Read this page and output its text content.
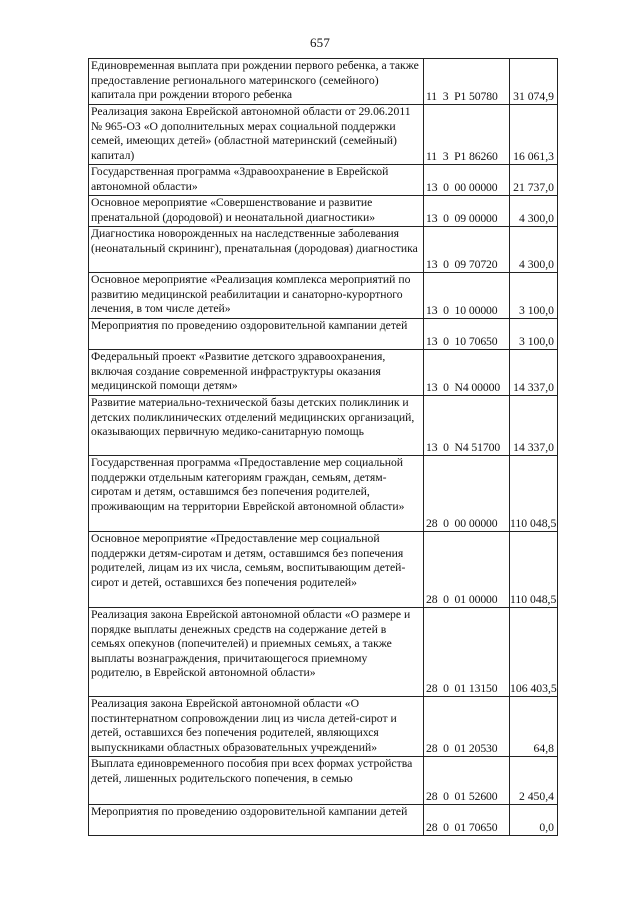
657
Единовременная выплата при рождении первого ребенка, а также предоставление регионального материнского (семейного) капитала при рождении второго ребенка	11  3  P1 50780	31 074,9
Реализация закона Еврейской автономной области от 29.06.2011 № 965-ОЗ «О дополнительных мерах социальной поддержки семей, имеющих детей» (областной материнский (семейный) капитал)	11  3  P1 86260	16 061,3
Государственная программа «Здравоохранение в Еврейской автономной области»	13  0  00 00000	21 737,0
Основное мероприятие «Совершенствование и развитие пренатальной (дородовой) и неонатальной диагностики»	13  0  09 00000	4 300,0
Диагностика новорожденных на наследственные заболевания (неонатальный скрининг), пренатальная (дородовая) диагностика	13  0  09 70720	4 300,0
Основное мероприятие «Реализация комплекса мероприятий по развитию медицинской реабилитации и санаторно-курортного лечения, в том числе детей»	13  0  10 00000	3 100,0
Мероприятия по проведению оздоровительной кампании детей	13  0  10 70650	3 100,0
Федеральный проект «Развитие детского здравоохранения, включая создание современной инфраструктуры оказания медицинской помощи детям»	13  0  N4 00000	14 337,0
Развитие материально-технической базы детских поликлиник и детских поликлинических отделений медицинских организаций, оказывающих первичную медико-санитарную помощь	13  0  N4 51700	14 337,0
Государственная программа «Предоставление мер социальной поддержки отдельным категориям граждан, семьям, детям-сиротам и детям, оставшимся без попечения родителей, проживающим на территории Еврейской автономной области»	28  0  00 00000	110 048,5
Основное мероприятие «Предоставление мер социальной поддержки детям-сиротам и детям, оставшимся без попечения родителей, лицам из их числа, семьям, воспитывающим детей-сирот и детей, оставшихся без попечения родителей»	28  0  01 00000	110 048,5
Реализация закона Еврейской автономной области «О размере и порядке выплаты денежных средств на содержание детей в семьях опекунов (попечителей) и приемных семьях, а также выплаты вознаграждения, причитающегося приемному родителю, в Еврейской автономной области»	28  0  01 13150	106 403,5
Реализация закона Еврейской автономной области «О постинтернатном сопровождении лиц из числа детей-сирот и детей, оставшихся без попечения родителей, являющихся выпускниками областных образовательных учреждений»	28  0  01 20530	64,8
Выплата единовременного пособия при всех формах устройства детей, лишенных родительского попечения, в семью	28  0  01 52600	2 450,4
Мероприятия по проведению оздоровительной кампании детей	28  0  01 70650	0,0
